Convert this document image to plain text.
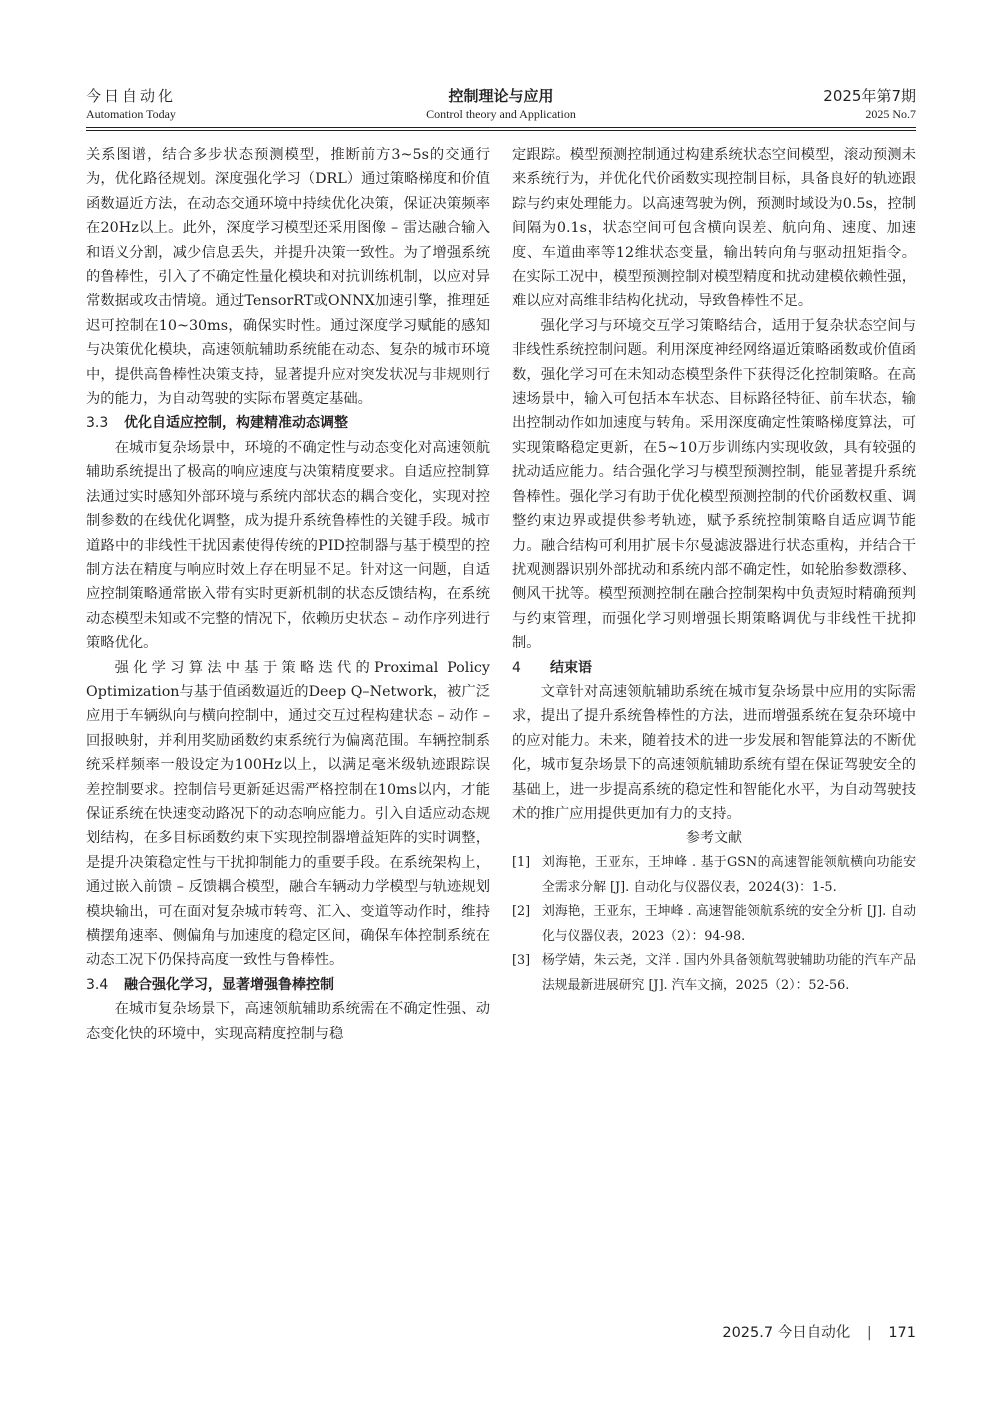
今日自动化
Automation Today
控制理论与应用
Control theory and Application
2025年第7期
2025 No.7

关系图谱，结合多步状态预测模型，推断前方3~5s的交通行为，优化路径规划。深度强化学习（DRL）通过策略梯度和价值函数逼近方法，在动态交通环境中持续优化决策，保证决策频率在20Hz以上。此外，深度学习模型还采用图像 – 雷达融合输入和语义分割，减少信息丢失，并提升决策一致性。为了增强系统的鲁棒性，引入了不确定性量化模块和对抗训练机制，以应对异常数据或攻击情境。通过TensorRT或ONNX加速引擎，推理延迟可控制在10~30ms，确保实时性。通过深度学习赋能的感知与决策优化模块，高速领航辅助系统能在动态、复杂的城市环境中，提供高鲁棒性决策支持，显著提升应对突发状况与非规则行为的能力，为自动驾驶的实际布署奠定基础。

3.3 优化自适应控制，构建精准动态调整

在城市复杂场景中，环境的不确定性与动态变化对高速领航辅助系统提出了极高的响应速度与决策精度要求。自适应控制算法通过实时感知外部环境与系统内部状态的耦合变化，实现对控制参数的在线优化调整，成为提升系统鲁棒性的关键手段。城市道路中的非线性干扰因素使得传统的PID控制器与基于模型的控制方法在精度与响应时效上存在明显不足。针对这一问题，自适应控制策略通常嵌入带有实时更新机制的状态反馈结构，在系统动态模型未知或不完整的情况下，依赖历史状态 – 动作序列进行策略优化。

强化学习算法中基于策略迭代的Proximal Policy Optimization与基于值函数逼近的Deep Q–Network，被广泛应用于车辆纵向与横向控制中，通过交互过程构建状态 – 动作 – 回报映射，并利用奖励函数约束系统行为偏离范围。车辆控制系统采样频率一般设定为100Hz以上，以满足毫米级轨迹跟踪误差控制要求。控制信号更新延迟需严格控制在10ms以内，才能保证系统在快速变动路况下的动态响应能力。引入自适应动态规划结构，在多目标函数约束下实现控制器增益矩阵的实时调整，是提升决策稳定性与干扰抑制能力的重要手段。在系统架构上，通过嵌入前馈 – 反馈耦合模型，融合车辆动力学模型与轨迹规划模块输出，可在面对复杂城市转弯、汇入、变道等动作时，维持横摆角速率、侧偏角与加速度的稳定区间，确保车体控制系统在动态工况下仍保持高度一致性与鲁棒性。

3.4 融合强化学习，显著增强鲁棒控制

在城市复杂场景下，高速领航辅助系统需在不确定性强、动态变化快的环境中，实现高精度控制与稳

定跟踪。模型预测控制通过构建系统状态空间模型，滚动预测未来系统行为，并优化代价函数实现控制目标，具备良好的轨迹跟踪与约束处理能力。以高速驾驶为例，预测时域设为0.5s，控制间隔为0.1s，状态空间可包含横向误差、航向角、速度、加速度、车道曲率等12维状态变量，输出转向角与驱动扭矩指令。在实际工况中，模型预测控制对模型精度和扰动建模依赖性强，难以应对高维非结构化扰动，导致鲁棒性不足。

强化学习与环境交互学习策略结合，适用于复杂状态空间与非线性系统控制问题。利用深度神经网络逼近策略函数或价值函数，强化学习可在未知动态模型条件下获得泛化控制策略。在高速场景中，输入可包括本车状态、目标路径特征、前车状态，输出控制动作如加速度与转角。采用深度确定性策略梯度算法，可实现策略稳定更新，在5~10万步训练内实现收敛，具有较强的扰动适应能力。结合强化学习与模型预测控制，能显著提升系统鲁棒性。强化学习有助于优化模型预测控制的代价函数权重、调整约束边界或提供参考轨迹，赋予系统控制策略自适应调节能力。融合结构可利用扩展卡尔曼滤波器进行状态重构，并结合干扰观测器识别外部扰动和系统内部不确定性，如轮胎参数漂移、侧风干扰等。模型预测控制在融合控制架构中负责短时精确预判与约束管理，而强化学习则增强长期策略调优与非线性干扰抑制。

4 结束语

文章针对高速领航辅助系统在城市复杂场景中应用的实际需求，提出了提升系统鲁棒性的方法，进而增强系统在复杂环境中的应对能力。未来，随着技术的进一步发展和智能算法的不断优化，城市复杂场景下的高速领航辅助系统有望在保证驾驶安全的基础上，进一步提高系统的稳定性和智能化水平，为自动驾驶技术的推广应用提供更加有力的支持。

参考文献
[1] 刘海艳，王亚东，王坤峰 . 基于GSN的高速智能领航横向功能安全需求分解 [J]. 自动化与仪器仪表，2024(3)：1-5.
[2] 刘海艳，王亚东，王坤峰 . 高速智能领航系统的安全分析 [J]. 自动化与仪器仪表，2023（2）：94-98.
[3] 杨学婧，朱云尧，文洋 . 国内外具备领航驾驶辅助功能的汽车产品法规最新进展研究 [J]. 汽车文摘，2025（2）：52-56.
2025.7 今日自动化 | 171
